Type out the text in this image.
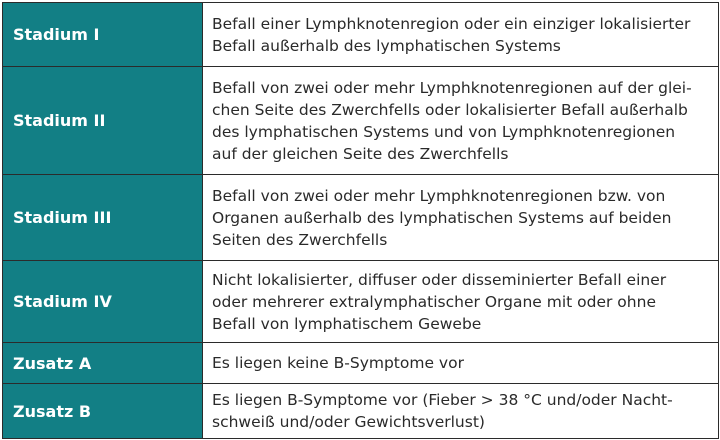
Stadium I	Befall einer Lymphknotenregion oder ein einziger lokalisierter
Befall außerhalb des lymphatischen Systems
Stadium II	Befall von zwei oder mehr Lymphknotenregionen auf der glei-
chen Seite des Zwerchfells oder lokalisierter Befall außerhalb
des lymphatischen Systems und von Lymphknotenregionen
auf der gleichen Seite des Zwerchfells
Stadium III	Befall von zwei oder mehr Lymphknotenregionen bzw. von
Organen außerhalb des lymphatischen Systems auf beiden
Seiten des Zwerchfells
Stadium IV	Nicht lokalisierter, diffuser oder disseminierter Befall einer
oder mehrerer extralymphatischer Organe mit oder ohne
Befall von lymphatischem Gewebe
Zusatz A	Es liegen keine B-Symptome vor
Zusatz B	Es liegen B-Symptome vor (Fieber > 38 °C und/oder Nacht-
schweiß und/oder Gewichtsverlust)
